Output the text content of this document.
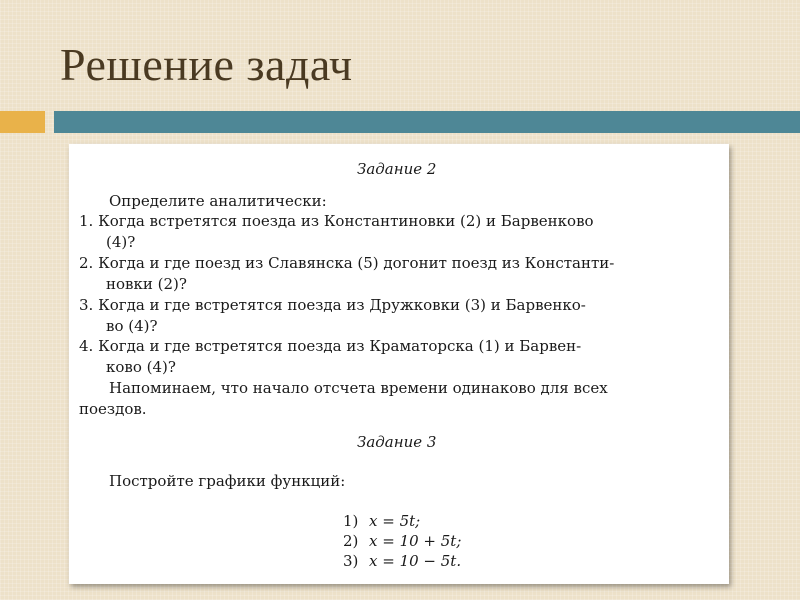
Решение задач
Задание 2
Определите аналитически:
1. Когда встретятся поезда из Константиновки (2) и Барвенково
(4)?
2. Когда и где поезд из Славянска (5) догонит поезд из Константи-
новки (2)?
3. Когда и где встретятся поезда из Дружковки (3) и Барвенко-
во (4)?
4. Когда и где встретятся поезда из Краматорска (1) и Барвен-
ково (4)?
Напоминаем, что начало отсчета времени одинаково для всех
поездов.
Задание 3
Постройте графики функций:
1) x = 5t;
2) x = 10 + 5t;
3) x = 10 − 5t.
